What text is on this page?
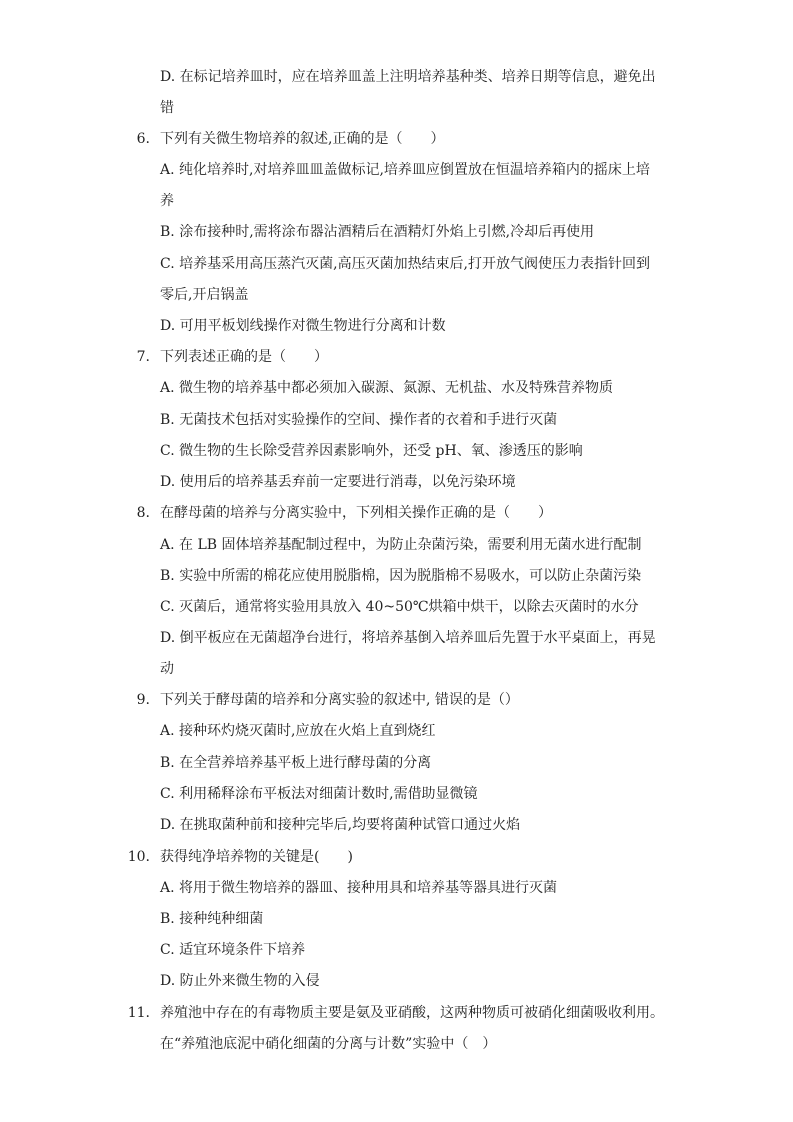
D. 在标记培养皿时，应在培养皿盖上注明培养基种类、培养日期等信息，避免出
错
6. 下列有关微生物培养的叙述,正确的是（　　）
A. 纯化培养时,对培养皿皿盖做标记,培养皿应倒置放在恒温培养箱内的摇床上培
养
B. 涂布接种时,需将涂布器沾酒精后在酒精灯外焰上引燃,冷却后再使用
C. 培养基采用高压蒸汽灭菌,高压灭菌加热结束后,打开放气阀使压力表指针回到
零后,开启锅盖
D. 可用平板划线操作对微生物进行分离和计数
7. 下列表述正确的是（　　）
A. 微生物的培养基中都必须加入碳源、氮源、无机盐、水及特殊营养物质
B. 无菌技术包括对实验操作的空间、操作者的衣着和手进行灭菌
C. 微生物的生长除受营养因素影响外，还受 pH、氧、渗透压的影响
D. 使用后的培养基丢弃前一定要进行消毒，以免污染环境
8. 在酵母菌的培养与分离实验中，下列相关操作正确的是（　　）
A. 在 LB 固体培养基配制过程中，为防止杂菌污染，需要利用无菌水进行配制
B. 实验中所需的棉花应使用脱脂棉，因为脱脂棉不易吸水，可以防止杂菌污染
C. 灭菌后，通常将实验用具放入 40~50℃烘箱中烘干，以除去灭菌时的水分
D. 倒平板应在无菌超净台进行，将培养基倒入培养皿后先置于水平桌面上，再晃
动
9. 下列关于酵母菌的培养和分离实验的叙述中, 错误的是（）
A. 接种环灼烧灭菌时,应放在火焰上直到烧红
B. 在全营养培养基平板上进行酵母菌的分离
C. 利用稀释涂布平板法对细菌计数时,需借助显微镜
D. 在挑取菌种前和接种完毕后,均要将菌种试管口通过火焰
10. 获得纯净培养物的关键是(　　)
A. 将用于微生物培养的器皿、接种用具和培养基等器具进行灭菌
B. 接种纯种细菌
C. 适宜环境条件下培养
D. 防止外来微生物的入侵
11. 养殖池中存在的有毒物质主要是氨及亚硝酸，这两种物质可被硝化细菌吸收利用。
在“养殖池底泥中硝化细菌的分离与计数”实验中（　）
